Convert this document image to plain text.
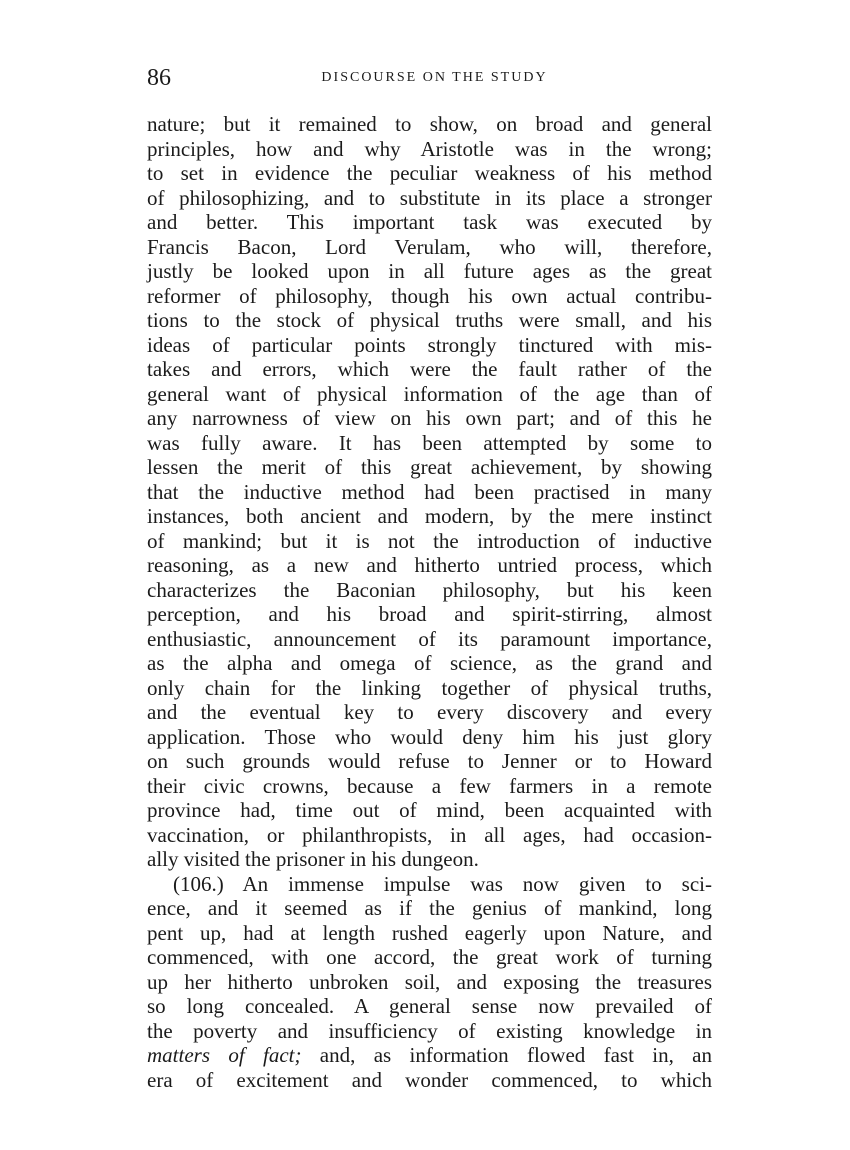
86	DISCOURSE ON THE STUDY
nature; but it remained to show, on broad and general
principles, how and why Aristotle was in the wrong;
to set in evidence the peculiar weakness of his method
of philosophizing, and to substitute in its place a stronger
and better. This important task was executed by
Francis Bacon, Lord Verulam, who will, therefore,
justly be looked upon in all future ages as the great
reformer of philosophy, though his own actual contribu-
tions to the stock of physical truths were small, and his
ideas of particular points strongly tinctured with mis-
takes and errors, which were the fault rather of the
general want of physical information of the age than of
any narrowness of view on his own part; and of this he
was fully aware. It has been attempted by some to
lessen the merit of this great achievement, by showing
that the inductive method had been practised in many
instances, both ancient and modern, by the mere instinct
of mankind; but it is not the introduction of inductive
reasoning, as a new and hitherto untried process, which
characterizes the Baconian philosophy, but his keen
perception, and his broad and spirit-stirring, almost
enthusiastic, announcement of its paramount importance,
as the alpha and omega of science, as the grand and
only chain for the linking together of physical truths,
and the eventual key to every discovery and every
application. Those who would deny him his just glory
on such grounds would refuse to Jenner or to Howard
their civic crowns, because a few farmers in a remote
province had, time out of mind, been acquainted with
vaccination, or philanthropists, in all ages, had occasion-
ally visited the prisoner in his dungeon.
(106.) An immense impulse was now given to sci-
ence, and it seemed as if the genius of mankind, long
pent up, had at length rushed eagerly upon Nature, and
commenced, with one accord, the great work of turning
up her hitherto unbroken soil, and exposing the treasures
so long concealed. A general sense now prevailed of
the poverty and insufficiency of existing knowledge in
matters of fact; and, as information flowed fast in, an
era of excitement and wonder commenced, to which
